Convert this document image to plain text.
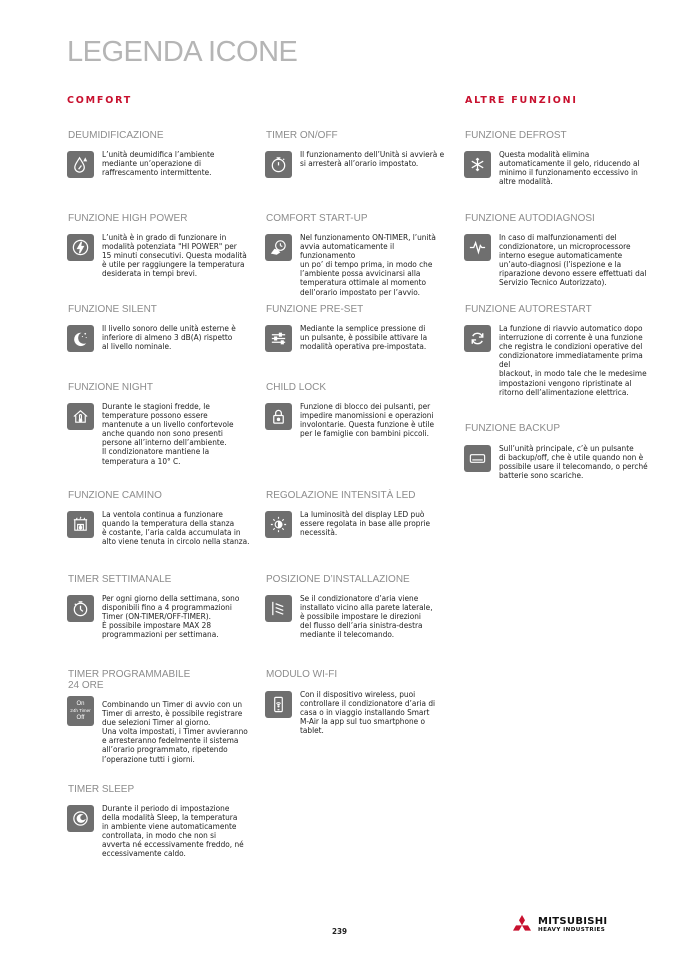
LEGENDA ICONE
COMFORT	ALTRE FUNZIONI
DEUMIDIFICAZIONE
L’unità deumidifica l’ambiente
mediante un’operazione di
raffrescamento intermittente.
FUNZIONE HIGH POWER
L’unità è in grado di funzionare in
modalità potenziata "HI POWER" per
15 minuti consecutivi. Questa modalità
è utile per raggiungere la temperatura
desiderata in tempi brevi.
FUNZIONE SILENT
Il livello sonoro delle unità esterne è
inferiore di almeno 3 dB(A) rispetto
al livello nominale.
FUNZIONE NIGHT
Durante le stagioni fredde, le
temperature possono essere
mantenute a un livello confortevole
anche quando non sono presenti
persone all’interno dell’ambiente.
Il condizionatore mantiene la
temperatura a 10° C.
FUNZIONE CAMINO
La ventola continua a funzionare
quando la temperatura della stanza
è costante, l’aria calda accumulata in
alto viene tenuta in circolo nella stanza.
TIMER SETTIMANALE
Per ogni giorno della settimana, sono
disponibili fino a 4 programmazioni
Timer (ON-TIMER/OFF-TIMER).
È possibile impostare MAX 28
programmazioni per settimana.
TIMER PROGRAMMABILE
24 ORE
On
24h Timer
Off
Combinando un Timer di avvio con un
Timer di arresto, è possibile registrare
due selezioni Timer al giorno.
Una volta impostati, i Timer avvieranno
e arresteranno fedelmente il sistema
all’orario programmato, ripetendo
l’operazione tutti i giorni.
TIMER SLEEP
Durante il periodo di impostazione
della modalità Sleep, la temperatura
in ambiente viene automaticamente
controllata, in modo che non si
avverta né eccessivamente freddo, né
eccessivamente caldo.
TIMER ON/OFF
Il funzionamento dell’Unità si avvierà e
si arresterà all’orario impostato.
COMFORT START-UP
Nel funzionamento ON-TIMER, l’unità
avvia automaticamente il funzionamento
un po’ di tempo prima, in modo che
l’ambiente possa avvicinarsi alla
temperatura ottimale al momento
dell’orario impostato per l’avvio.
FUNZIONE PRE-SET
Mediante la semplice pressione di
un pulsante, è possibile attivare la
modalità operativa pre-impostata.
CHILD LOCK
Funzione di blocco dei pulsanti, per
impedire manomissioni e operazioni
involontarie. Questa funzione è utile
per le famiglie con bambini piccoli.
REGOLAZIONE INTENSITÀ LED
La luminosità del display LED può
essere regolata in base alle proprie
necessità.
POSIZIONE D’INSTALLAZIONE
Se il condizionatore d’aria viene
installato vicino alla parete laterale,
è possibile impostare le direzioni
del flusso dell’aria sinistra-destra
mediante il telecomando.
MODULO WI-FI
Con il dispositivo wireless, puoi
controllare il condizionatore d’aria di
casa o in viaggio installando Smart
M-Air la app sul tuo smartphone o
tablet.
FUNZIONE DEFROST
Questa modalità elimina
automaticamente il gelo, riducendo al
minimo il funzionamento eccessivo in
altre modalità.
FUNZIONE AUTODIAGNOSI
In caso di malfunzionamenti del
condizionatore, un microprocessore
interno esegue automaticamente
un’auto-diagnosi (l’ispezione e la
riparazione devono essere effettuati dal
Servizio Tecnico Autorizzato).
FUNZIONE AUTORESTART
La funzione di riavvio automatico dopo
interruzione di corrente è una funzione
che registra le condizioni operative del
condizionatore immediatamente prima del
blackout, in modo tale che le medesime
impostazioni vengono ripristinate al
ritorno dell’alimentazione elettrica.
FUNZIONE BACKUP
Sull’unità principale, c’è un pulsante
di backup/off, che è utile quando non è
possibile usare il telecomando, o perché
batterie sono scariche.
239
MITSUBISHI
HEAVY INDUSTRIES
